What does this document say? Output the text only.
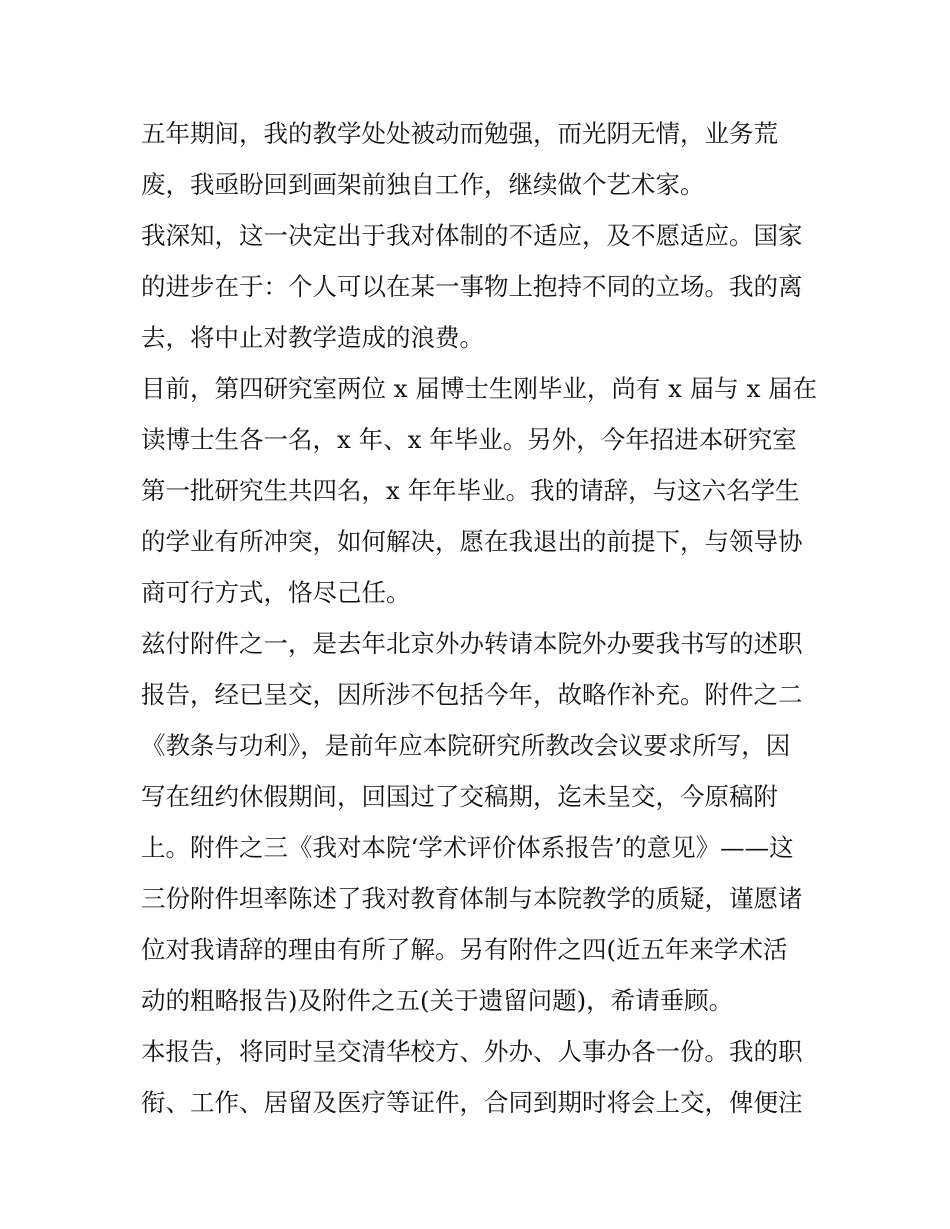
五年期间，我的教学处处被动而勉强，而光阴无情，业务荒
废，我亟盼回到画架前独自工作，继续做个艺术家。
我深知，这一决定出于我对体制的不适应，及不愿适应。国家
的进步在于：个人可以在某一事物上抱持不同的立场。我的离
去，将中止对教学造成的浪费。
目前，第四研究室两位 x 届博士生刚毕业，尚有 x 届与 x 届在
读博士生各一名，x 年、x 年毕业。另外，今年招进本研究室
第一批研究生共四名，x 年年毕业。我的请辞，与这六名学生
的学业有所冲突，如何解决，愿在我退出的前提下，与领导协
商可行方式，恪尽己任。
兹付附件之一，是去年北京外办转请本院外办要我书写的述职
报告，经已呈交，因所涉不包括今年，故略作补充。附件之二
《教条与功利》，是前年应本院研究所教改会议要求所写，因
写在纽约休假期间，回国过了交稿期，迄未呈交，今原稿附
上。附件之三《我对本院‘学术评价体系报告’的意见》——这
三份附件坦率陈述了我对教育体制与本院教学的质疑，谨愿诸
位对我请辞的理由有所了解。另有附件之四(近五年来学术活
动的粗略报告)及附件之五(关于遗留问题)，希请垂顾。
本报告，将同时呈交清华校方、外办、人事办各一份。我的职
衔、工作、居留及医疗等证件，合同到期时将会上交，俾便注
